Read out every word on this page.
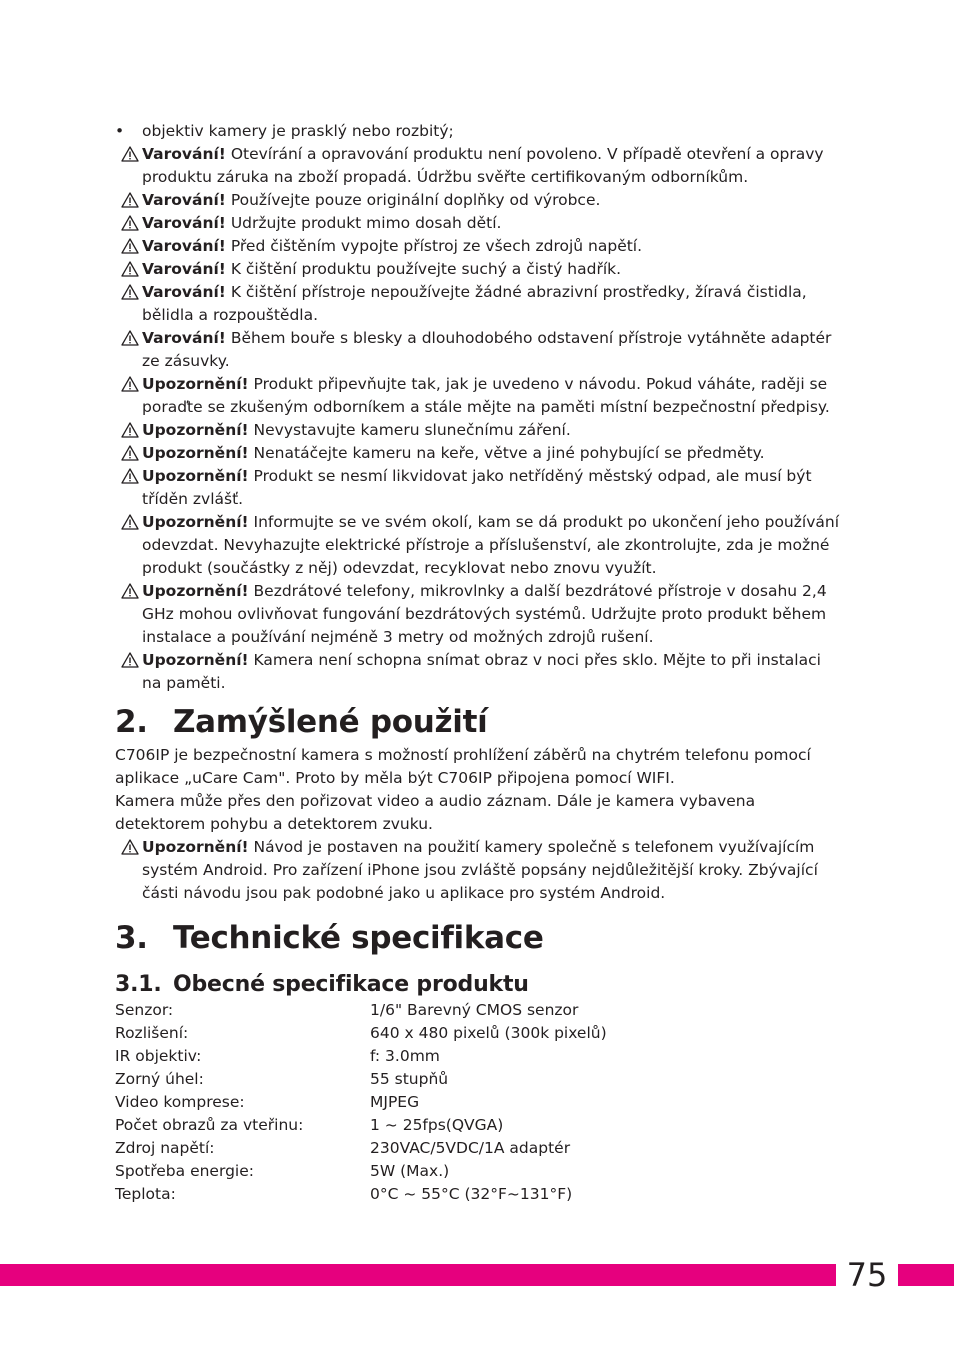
• objektiv kamery je prasklý nebo rozbitý;
Varování! Otevírání a opravování produktu není povoleno. V případě otevření a opravy produktu záruka na zboží propadá. Údržbu svěřte certifikovaným odborníkům.
Varování! Používejte pouze originální doplňky od výrobce.
Varování! Udržujte produkt mimo dosah dětí.
Varování! Před čištěním vypojte přístroj ze všech zdrojů napětí.
Varování! K čištění produktu používejte suchý a čistý hadřík.
Varování! K čištění přístroje nepoužívejte žádné abrazivní prostředky, žíravá čistidla, bělidla a rozpouštědla.
Varování! Během bouře s blesky a dlouhodobého odstavení přístroje vytáhněte adaptér ze zásuvky.
Upozornění! Produkt připevňujte tak, jak je uvedeno v návodu. Pokud váháte, raději se poraďte se zkušeným odborníkem a stále mějte na paměti místní bezpečnostní předpisy.
Upozornění! Nevystavujte kameru slunečnímu záření.
Upozornění! Nenatáčejte kameru na keře, větve a jiné pohybující se předměty.
Upozornění! Produkt se nesmí likvidovat jako netříděný městský odpad, ale musí být tříděn zvlášť.
Upozornění! Informujte se ve svém okolí, kam se dá produkt po ukončení jeho používání odevzdat. Nevyhazujte elektrické přístroje a příslušenství, ale zkontrolujte, zda je možné produkt (součástky z něj) odevzdat, recyklovat nebo znovu využít.
Upozornění! Bezdrátové telefony, mikrovlnky a další bezdrátové přístroje v dosahu 2,4 GHz mohou ovlivňovat fungování bezdrátových systémů. Udržujte proto produkt během instalace a používání nejméně 3 metry od možných zdrojů rušení.
Upozornění! Kamera není schopna snímat obraz v noci přes sklo. Mějte to při instalaci na paměti.
2. Zamýšlené použití

C706IP je bezpečnostní kamera s možností prohlížení záběrů na chytrém telefonu pomocí aplikace „uCare Cam". Proto by měla být C706IP připojena pomocí WIFI.

Kamera může přes den pořizovat video a audio záznam. Dále je kamera vybavena detektorem pohybu a detektorem zvuku.

Upozornění! Návod je postaven na použití kamery společně s telefonem využívajícím systém Android. Pro zařízení iPhone jsou zvláště popsány nejdůležitější kroky. Zbývající části návodu jsou pak podobné jako u aplikace pro systém Android.
3. Technické specifikace
3.1. Obecné specifikace produktu
Senzor:	1/6" Barevný CMOS senzor
Rozlišení:	640 x 480 pixelů (300k pixelů)
IR objektiv:	f: 3.0mm
Zorný úhel:	55 stupňů
Video komprese:	MJPEG
Počet obrazů za vteřinu:	1 ~ 25fps(QVGA)
Zdroj napětí:	230VAC/5VDC/1A adaptér
Spotřeba energie:	5W (Max.)
Teplota:	0°C ~ 55°C (32°F~131°F)
75
